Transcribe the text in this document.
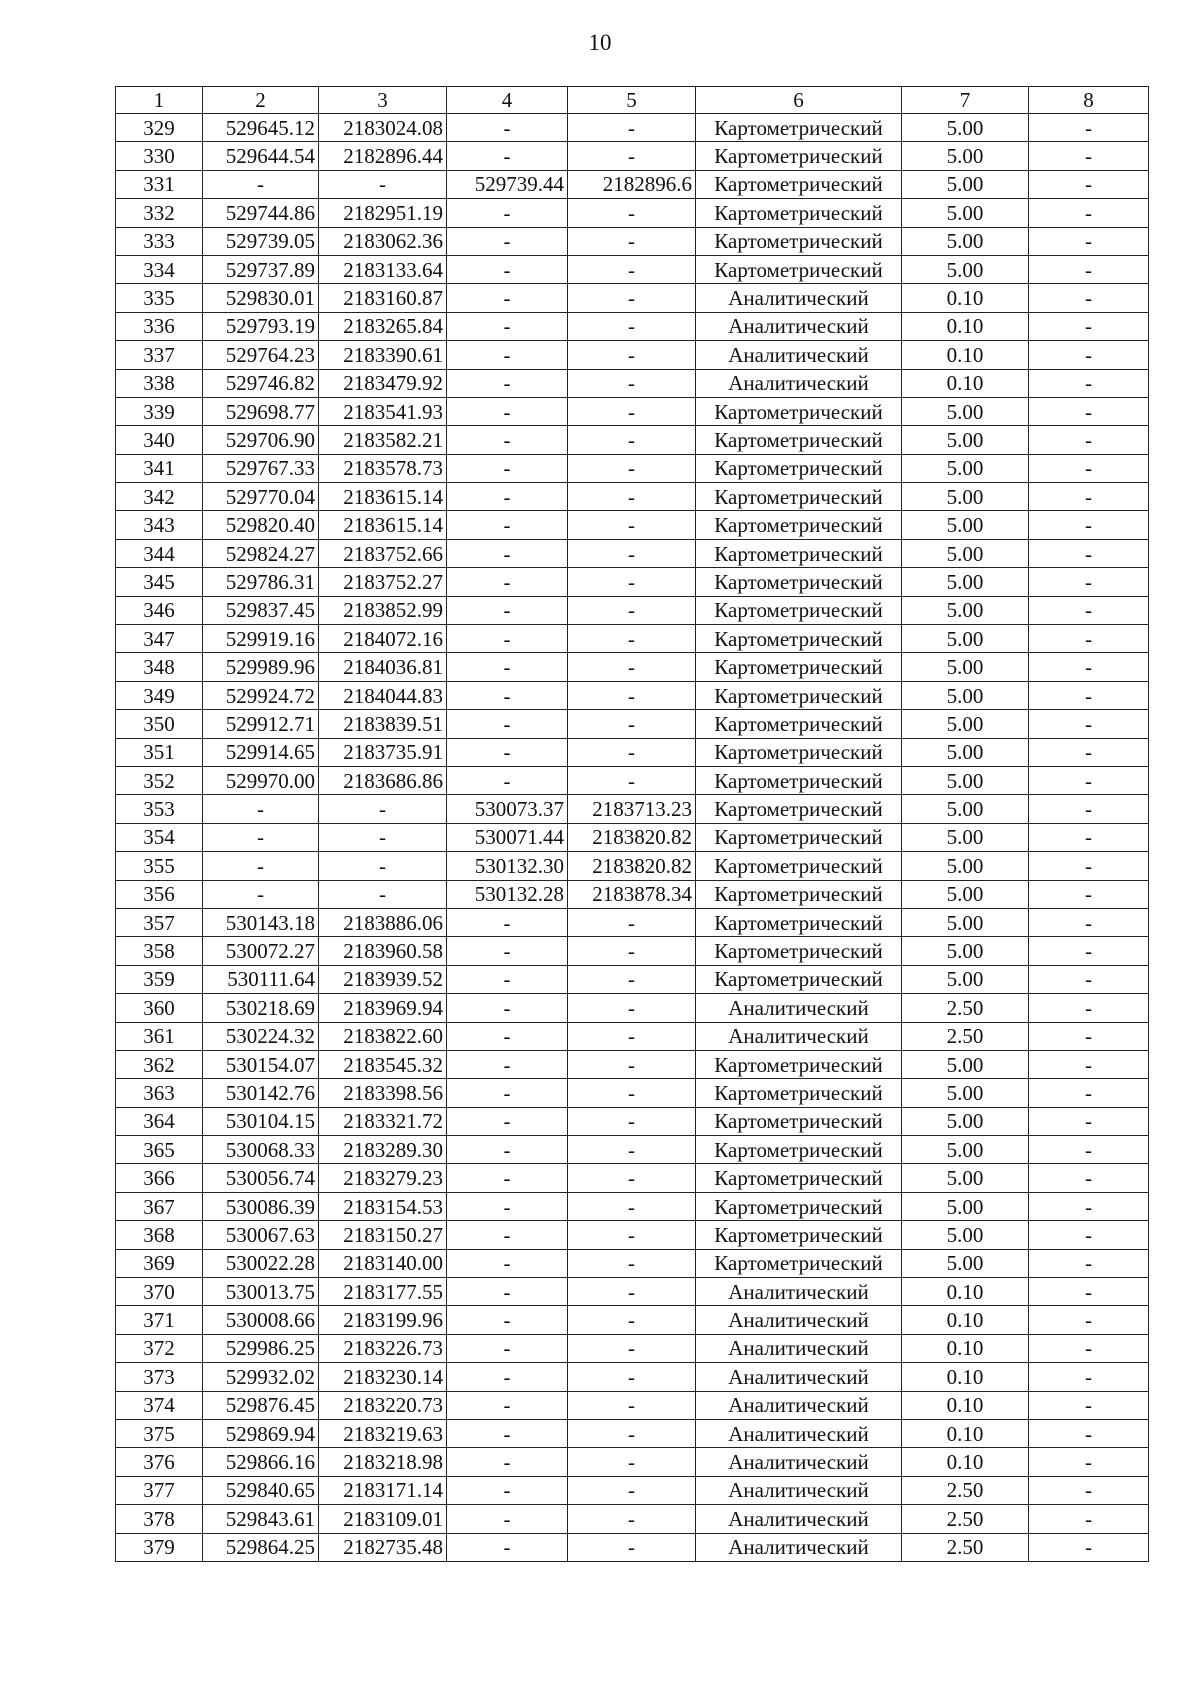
10
1	2	3	4	5	6	7	8
329	529645.12	2183024.08	-	-	Картометрический	5.00	-
330	529644.54	2182896.44	-	-	Картометрический	5.00	-
331	-	-	529739.44	2182896.6	Картометрический	5.00	-
332	529744.86	2182951.19	-	-	Картометрический	5.00	-
333	529739.05	2183062.36	-	-	Картометрический	5.00	-
334	529737.89	2183133.64	-	-	Картометрический	5.00	-
335	529830.01	2183160.87	-	-	Аналитический	0.10	-
336	529793.19	2183265.84	-	-	Аналитический	0.10	-
337	529764.23	2183390.61	-	-	Аналитический	0.10	-
338	529746.82	2183479.92	-	-	Аналитический	0.10	-
339	529698.77	2183541.93	-	-	Картометрический	5.00	-
340	529706.90	2183582.21	-	-	Картометрический	5.00	-
341	529767.33	2183578.73	-	-	Картометрический	5.00	-
342	529770.04	2183615.14	-	-	Картометрический	5.00	-
343	529820.40	2183615.14	-	-	Картометрический	5.00	-
344	529824.27	2183752.66	-	-	Картометрический	5.00	-
345	529786.31	2183752.27	-	-	Картометрический	5.00	-
346	529837.45	2183852.99	-	-	Картометрический	5.00	-
347	529919.16	2184072.16	-	-	Картометрический	5.00	-
348	529989.96	2184036.81	-	-	Картометрический	5.00	-
349	529924.72	2184044.83	-	-	Картометрический	5.00	-
350	529912.71	2183839.51	-	-	Картометрический	5.00	-
351	529914.65	2183735.91	-	-	Картометрический	5.00	-
352	529970.00	2183686.86	-	-	Картометрический	5.00	-
353	-	-	530073.37	2183713.23	Картометрический	5.00	-
354	-	-	530071.44	2183820.82	Картометрический	5.00	-
355	-	-	530132.30	2183820.82	Картометрический	5.00	-
356	-	-	530132.28	2183878.34	Картометрический	5.00	-
357	530143.18	2183886.06	-	-	Картометрический	5.00	-
358	530072.27	2183960.58	-	-	Картометрический	5.00	-
359	530111.64	2183939.52	-	-	Картометрический	5.00	-
360	530218.69	2183969.94	-	-	Аналитический	2.50	-
361	530224.32	2183822.60	-	-	Аналитический	2.50	-
362	530154.07	2183545.32	-	-	Картометрический	5.00	-
363	530142.76	2183398.56	-	-	Картометрический	5.00	-
364	530104.15	2183321.72	-	-	Картометрический	5.00	-
365	530068.33	2183289.30	-	-	Картометрический	5.00	-
366	530056.74	2183279.23	-	-	Картометрический	5.00	-
367	530086.39	2183154.53	-	-	Картометрический	5.00	-
368	530067.63	2183150.27	-	-	Картометрический	5.00	-
369	530022.28	2183140.00	-	-	Картометрический	5.00	-
370	530013.75	2183177.55	-	-	Аналитический	0.10	-
371	530008.66	2183199.96	-	-	Аналитический	0.10	-
372	529986.25	2183226.73	-	-	Аналитический	0.10	-
373	529932.02	2183230.14	-	-	Аналитический	0.10	-
374	529876.45	2183220.73	-	-	Аналитический	0.10	-
375	529869.94	2183219.63	-	-	Аналитический	0.10	-
376	529866.16	2183218.98	-	-	Аналитический	0.10	-
377	529840.65	2183171.14	-	-	Аналитический	2.50	-
378	529843.61	2183109.01	-	-	Аналитический	2.50	-
379	529864.25	2182735.48	-	-	Аналитический	2.50	-
